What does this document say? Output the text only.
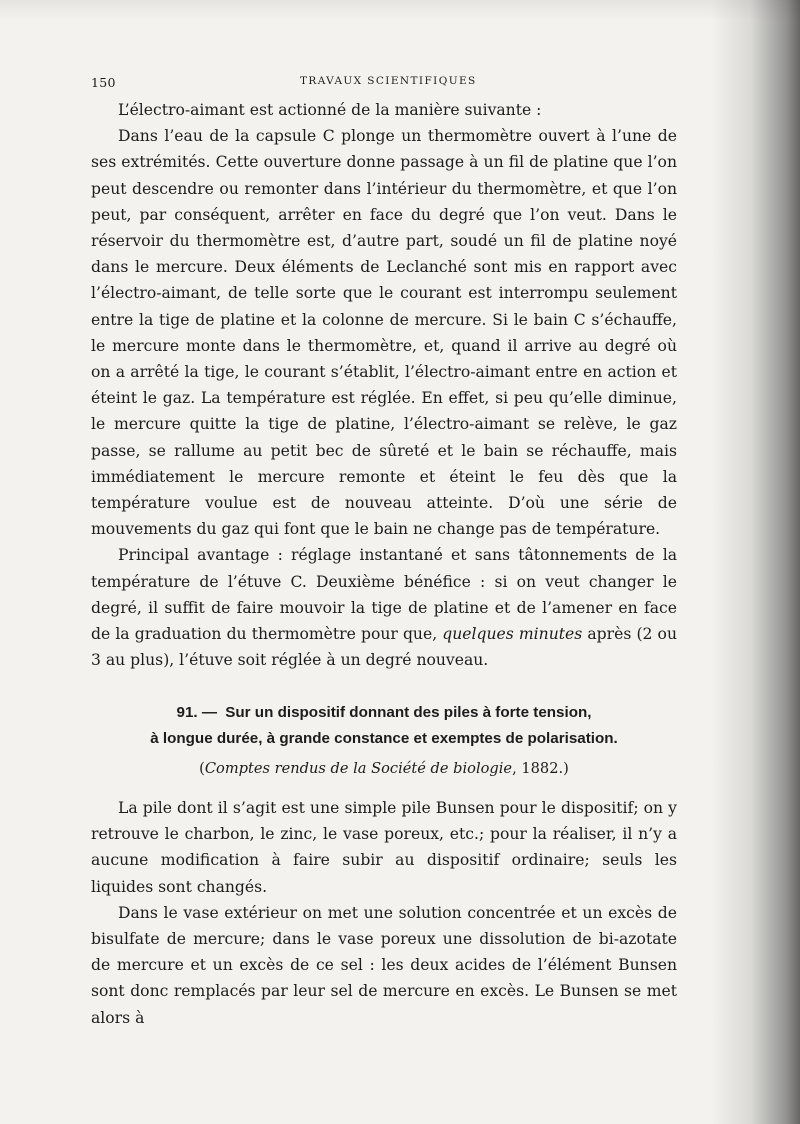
150	TRAVAUX SCIENTIFIQUES

L’électro-aimant est actionné de la manière suivante :

Dans l’eau de la capsule C plonge un thermomètre ouvert à l’une de ses extrémités. Cette ouverture donne passage à un fil de platine que l’on peut descendre ou remonter dans l’intérieur du thermomètre, et que l’on peut, par conséquent, arrêter en face du degré que l’on veut. Dans le réservoir du thermomètre est, d’autre part, soudé un fil de platine noyé dans le mercure. Deux éléments de Leclanché sont mis en rapport avec l’électro-aimant, de telle sorte que le courant est interrompu seulement entre la tige de platine et la colonne de mercure. Si le bain C s’échauffe, le mercure monte dans le thermomètre, et, quand il arrive au degré où on a arrêté la tige, le courant s’établit, l’électro-aimant entre en action et éteint le gaz. La température est réglée. En effet, si peu qu’elle diminue, le mercure quitte la tige de platine, l’électro-aimant se relève, le gaz passe, se rallume au petit bec de sûreté et le bain se réchauffe, mais immédiatement le mercure remonte et éteint le feu dès que la température voulue est de nouveau atteinte. D’où une série de mouvements du gaz qui font que le bain ne change pas de température.

Principal avantage : réglage instantané et sans tâtonnements de la température de l’étuve C. Deuxième bénéfice : si on veut changer le degré, il suffit de faire mouvoir la tige de platine et de l’amener en face de la graduation du thermomètre pour que, quelques minutes après (2 ou 3 au plus), l’étuve soit réglée à un degré nouveau.

91. — Sur un dispositif donnant des piles à forte tension,
à longue durée, à grande constance et exemptes de polarisation.
(Comptes rendus de la Société de biologie, 1882.)

La pile dont il s’agit est une simple pile Bunsen pour le dispositif; on y retrouve le charbon, le zinc, le vase poreux, etc.; pour la réaliser, il n’y a aucune modification à faire subir au dispositif ordinaire; seuls les liquides sont changés.

Dans le vase extérieur on met une solution concentrée et un excès de bisulfate de mercure; dans le vase poreux une dissolution de bi-azotate de mercure et un excès de ce sel : les deux acides de l’élément Bunsen sont donc remplacés par leur sel de mercure en excès. Le Bunsen se met alors à
